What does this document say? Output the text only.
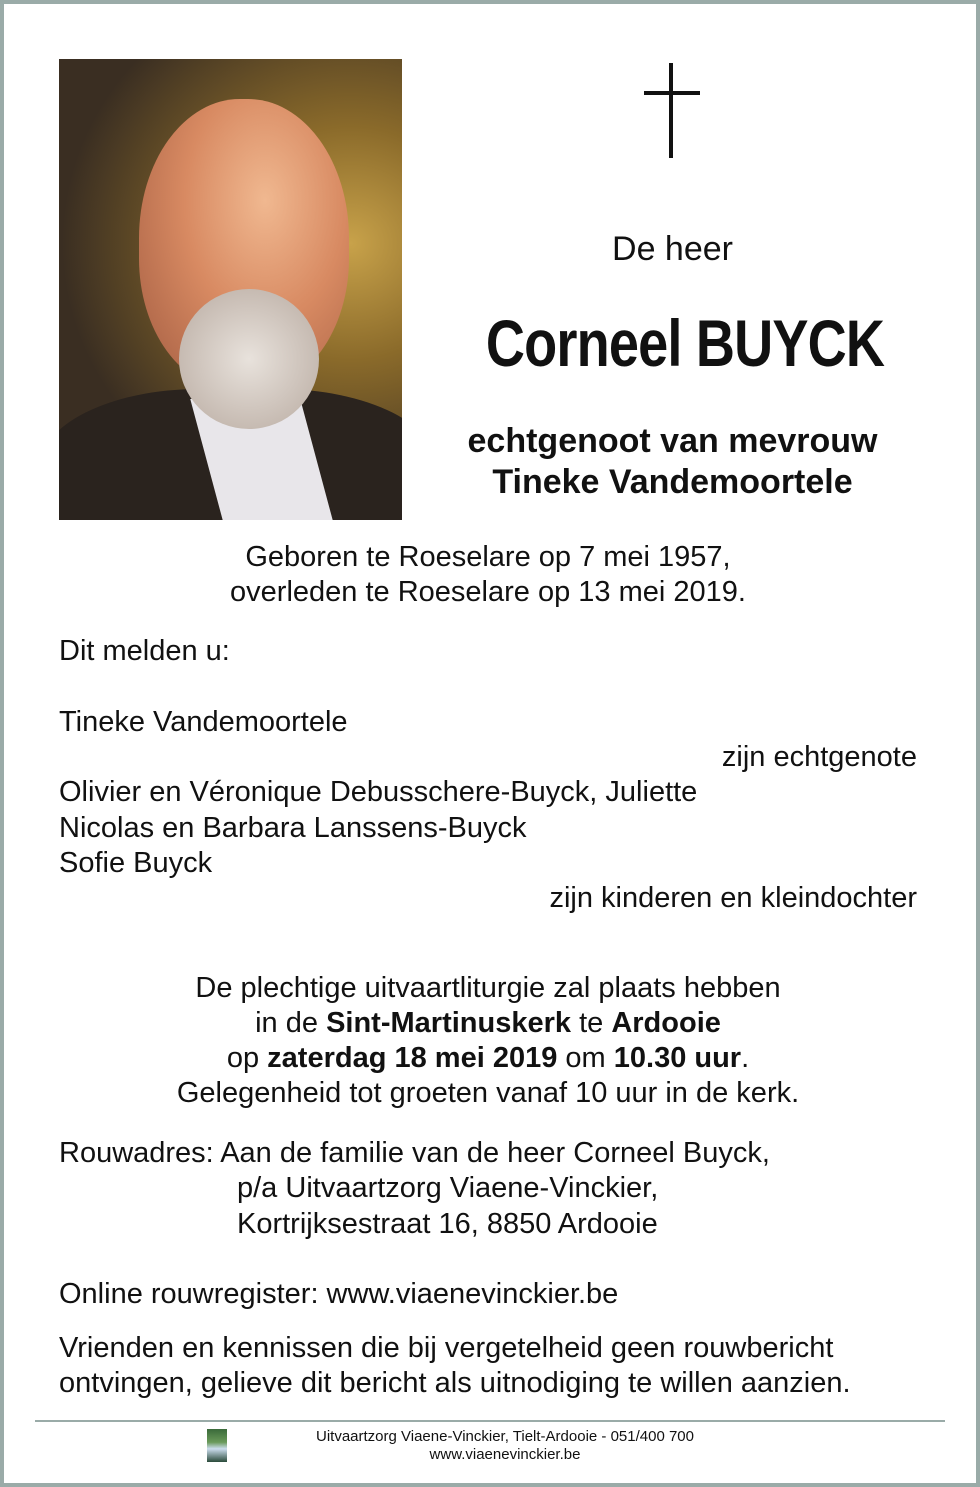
De heer
Corneel BUYCK
echtgenoot van mevrouw
Tineke Vandemoortele
Geboren te Roeselare op 7 mei 1957,
overleden te Roeselare op 13 mei 2019.
Dit melden u:
Tineke Vandemoortele
zijn echtgenote
Olivier en Véronique Debusschere-Buyck, Juliette
Nicolas en Barbara Lanssens-Buyck
Sofie Buyck
zijn kinderen en kleindochter
De plechtige uitvaartliturgie zal plaats hebben
in de Sint-Martinuskerk te Ardooie
op zaterdag 18 mei 2019 om 10.30 uur.
Gelegenheid tot groeten vanaf 10 uur in de kerk.
Rouwadres: Aan de familie van de heer Corneel Buyck,
p/a Uitvaartzorg Viaene-Vinckier,
Kortrijksestraat 16, 8850 Ardooie
Online rouwregister: www.viaenevinckier.be
Vrienden en kennissen die bij vergetelheid geen rouwbericht
ontvingen, gelieve dit bericht als uitnodiging te willen aanzien.
Uitvaartzorg Viaene-Vinckier, Tielt-Ardooie - 051/400 700
www.viaenevinckier.be
